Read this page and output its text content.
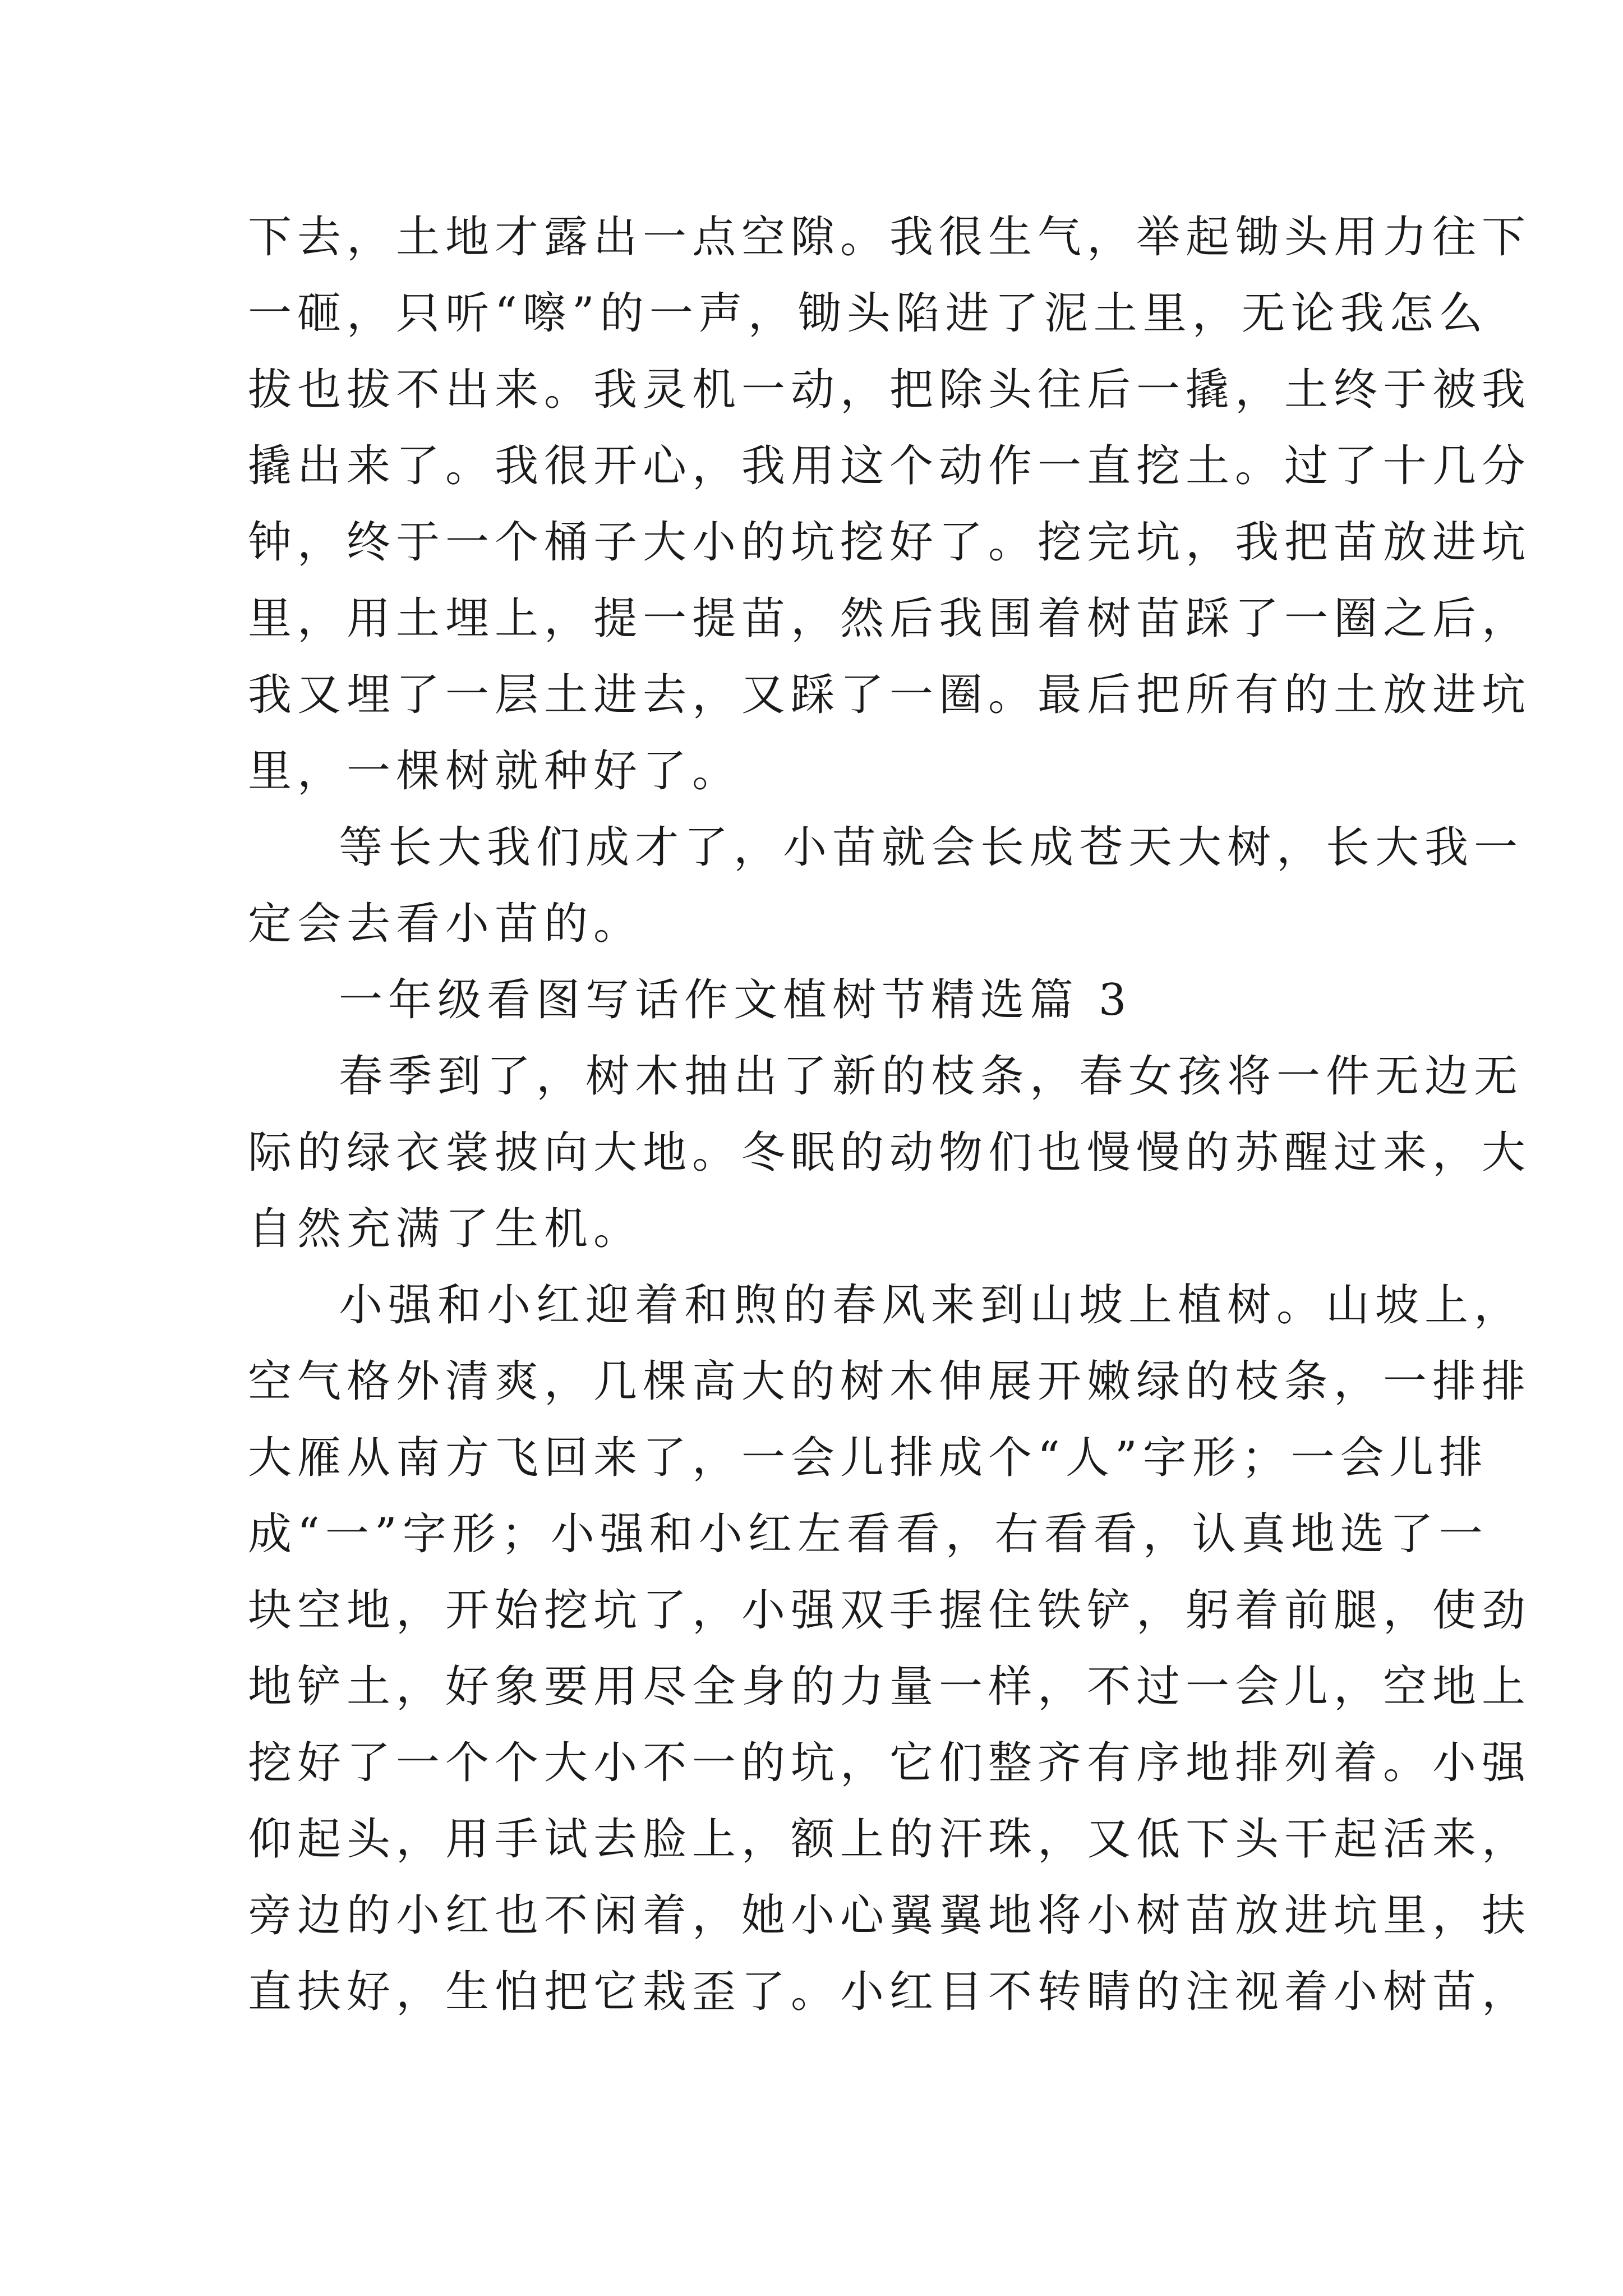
下去，土地才露出一点空隙。我很生气，举起锄头用力往下
一砸，只听“嚓”的一声，锄头陷进了泥土里，无论我怎么
拔也拔不出来。我灵机一动，把除头往后一撬，土终于被我
撬出来了。我很开心，我用这个动作一直挖土。过了十几分
钟，终于一个桶子大小的坑挖好了。挖完坑，我把苗放进坑
里，用土埋上，提一提苗，然后我围着树苗踩了一圈之后，
我又埋了一层土进去，又踩了一圈。最后把所有的土放进坑
里，一棵树就种好了。
等长大我们成才了，小苗就会长成苍天大树，长大我一
定会去看小苗的。
一年级看图写话作文植树节精选篇 3
春季到了，树木抽出了新的枝条，春女孩将一件无边无
际的绿衣裳披向大地。冬眠的动物们也慢慢的苏醒过来，大
自然充满了生机。
小强和小红迎着和煦的春风来到山坡上植树。山坡上，
空气格外清爽，几棵高大的树木伸展开嫩绿的枝条，一排排
大雁从南方飞回来了，一会儿排成个“人”字形；一会儿排
成“一”字形；小强和小红左看看，右看看，认真地选了一
块空地，开始挖坑了，小强双手握住铁铲，躬着前腿，使劲
地铲土，好象要用尽全身的力量一样，不过一会儿，空地上
挖好了一个个大小不一的坑，它们整齐有序地排列着。小强
仰起头，用手试去脸上，额上的汗珠，又低下头干起活来，
旁边的小红也不闲着，她小心翼翼地将小树苗放进坑里，扶
直扶好，生怕把它栽歪了。小红目不转睛的注视着小树苗，
